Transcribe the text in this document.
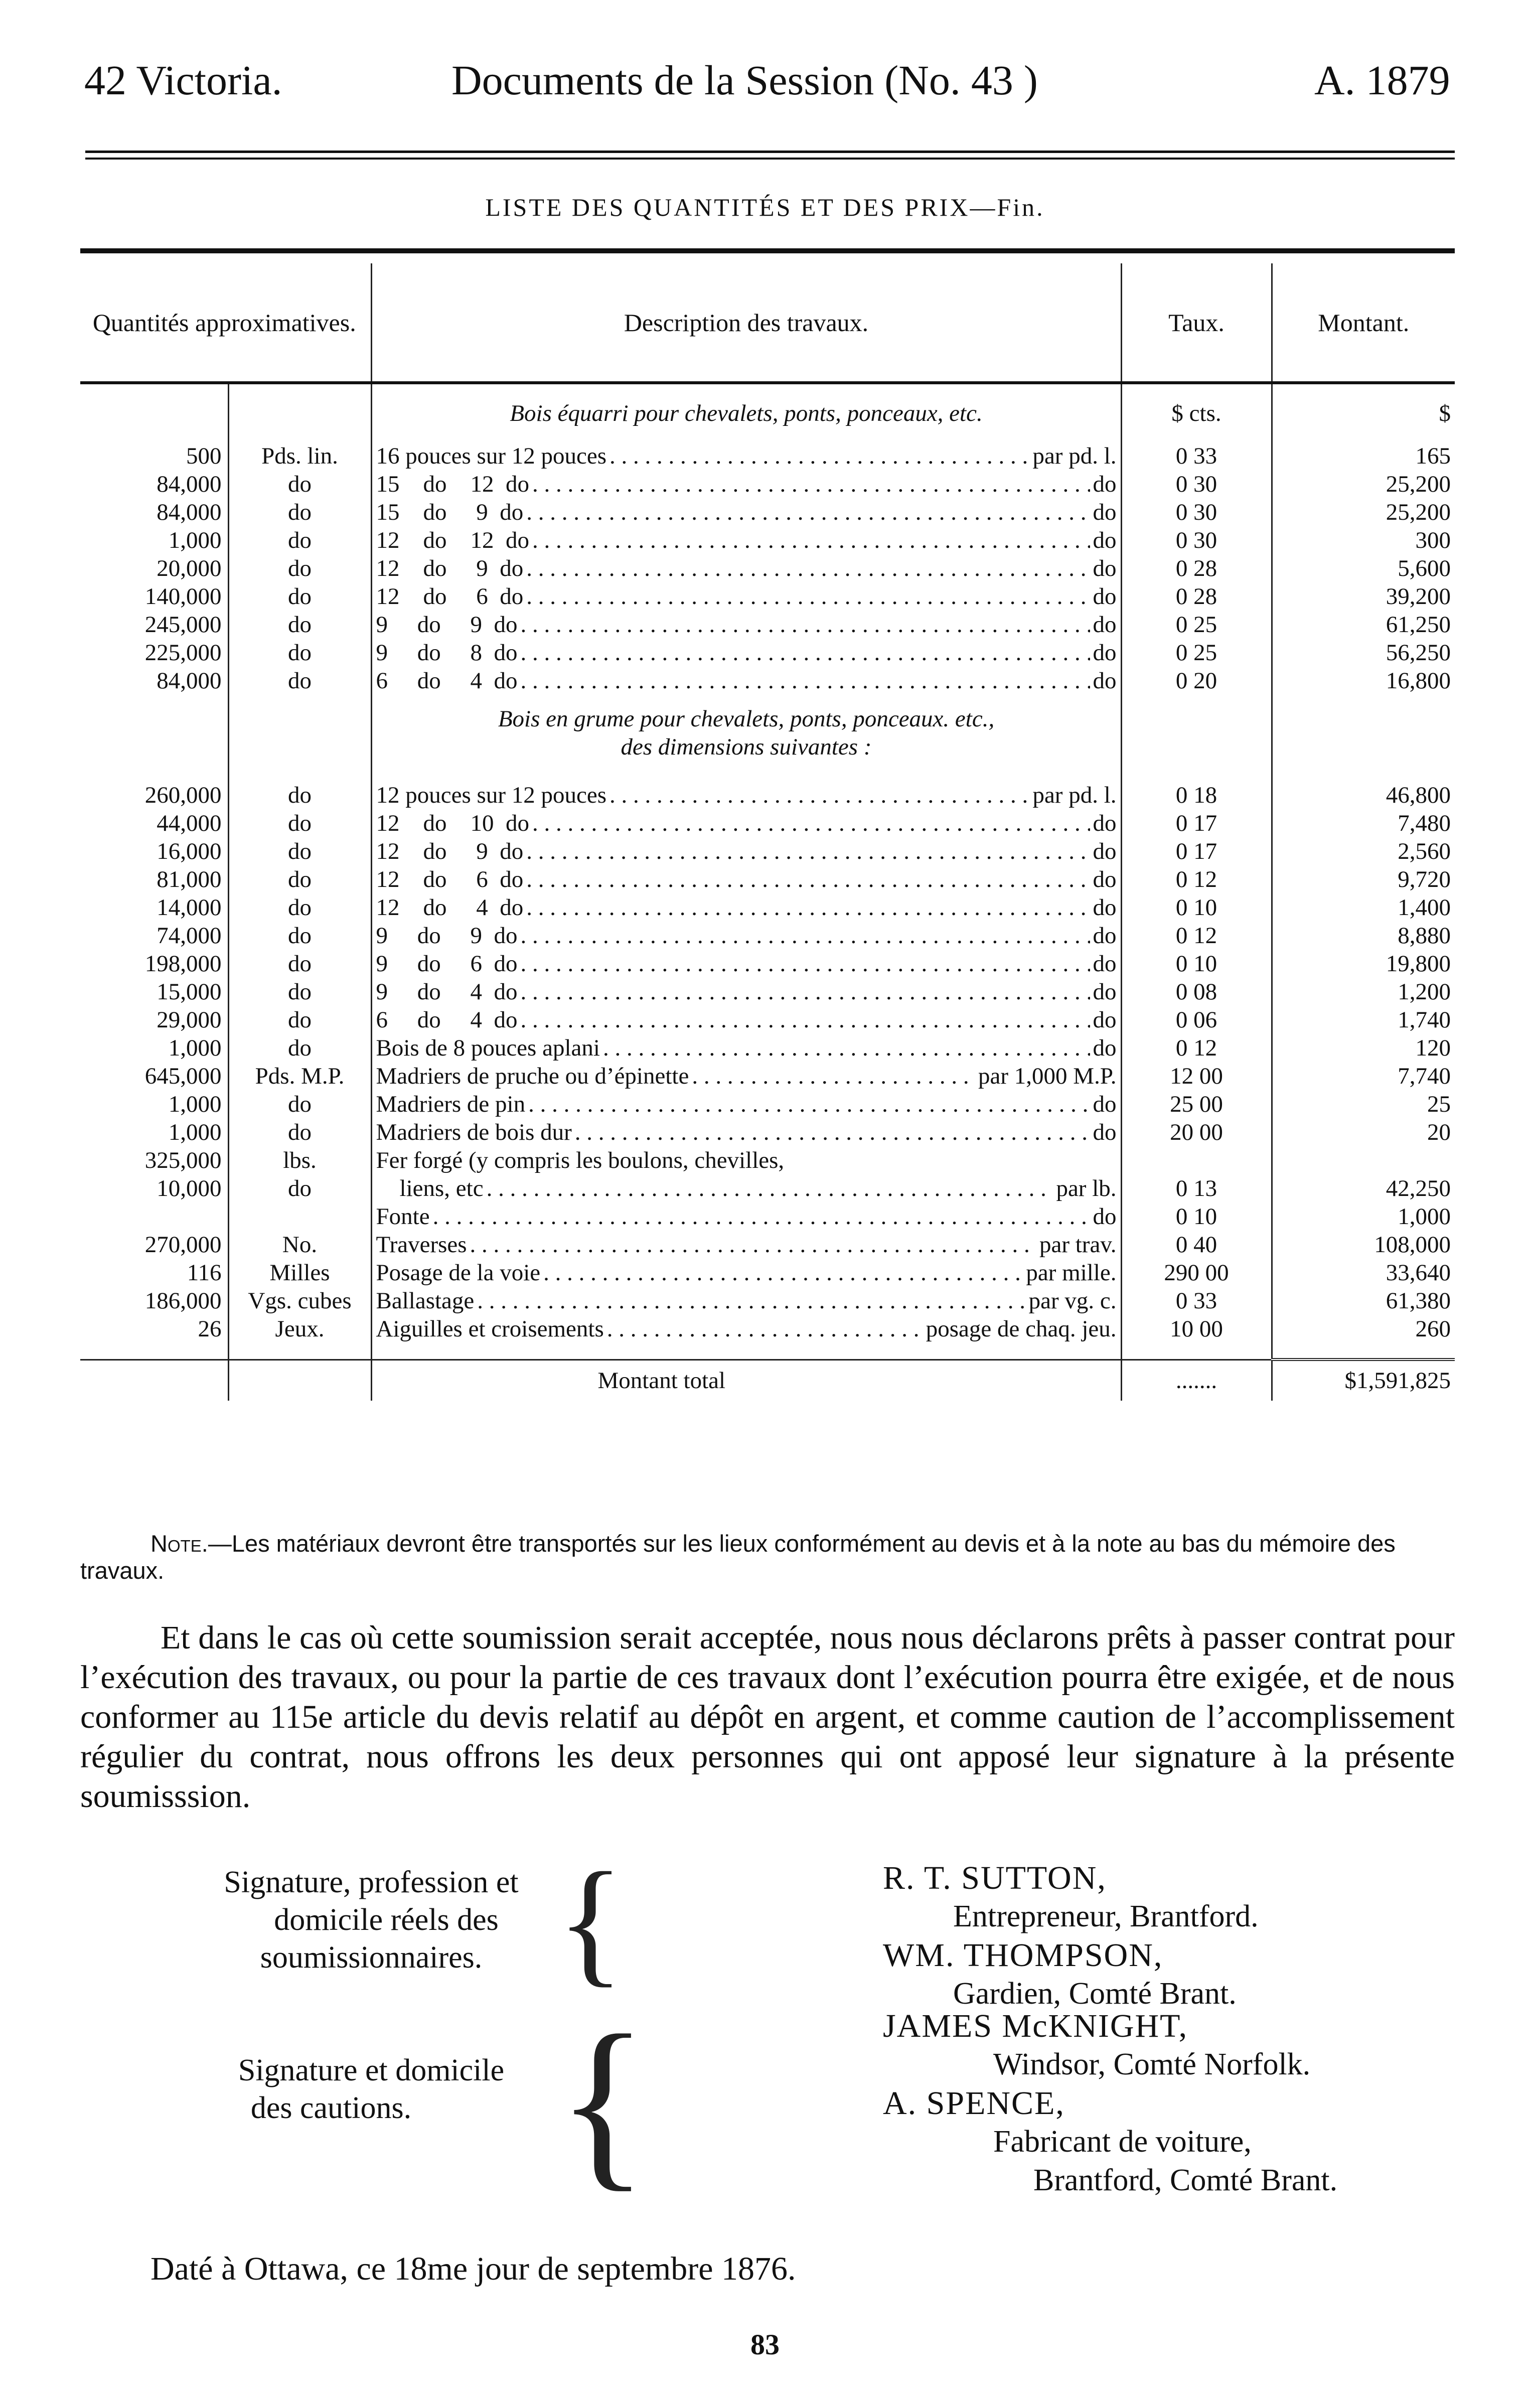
42 Victoria.	Documents de la Session (No. 43 )	A. 1879
LISTE DES QUANTITÉS ET DES PRIX—Fin.
Quantités approximatives.		Description des travaux.	Taux.	Montant.
		Bois équarri pour chevalets, ponts, ponceaux, etc.	$ cts.	$
500	Pds. lin.	16 pouces sur 12 pouces . . . par pd. l.	0 33	165
84,000	do	15    do    12  do . . . do	0 30	25,200
84,000	do	15    do     9  do . . . do	0 30	25,200
1,000	do	12    do    12  do . . . do	0 30	300
20,000	do	12    do     9  do . . . do	0 28	5,600
140,000	do	12    do     6  do . . . do	0 28	39,200
245,000	do	9     do     9  do . . . do	0 25	61,250
225,000	do	9     do     8  do . . . do	0 25	56,250
84,000	do	6     do     4  do . . . do	0 20	16,800

		Bois en grume pour chevalets, ponts, ponceaux. etc.,		
		des dimensions suivantes :		

260,000	do	12 pouces sur 12 pouces . . . par pd. l.	0 18	46,800
44,000	do	12    do    10  do . . . do	0 17	7,480
16,000	do	12    do     9  do . . . do	0 17	2,560
81,000	do	12    do     6  do . . . do	0 12	9,720
14,000	do	12    do     4  do . . . do	0 10	1,400
74,000	do	9     do     9  do . . . do	0 12	8,880
198,000	do	9     do     6  do . . . do	0 10	19,800
15,000	do	9     do     4  do . . . do	0 08	1,200
29,000	do	6     do     4  do . . . do	0 06	1,740
1,000	do	Bois de 8 pouces aplani . . . do	0 12	120
645,000	Pds. M.P.	Madriers de pruche ou d’épinette . . . par 1,000 M.P.	12 00	7,740
1,000	do	Madriers de pin . . . do	25 00	25
1,000	do	Madriers de bois dur . . . do	20 00	20
325,000	lbs.	Fer forgé (y compris les boulons, chevilles,		

10,000	do	liens, etc . . . par lb.	0 13	42,250

		Fonte . . . do	0 10	1,000
270,000	No.	Traverses . . . par trav.	0 40	108,000
116	Milles	Posage de la voie . . . par mille.	290 00	33,640
186,000	Vgs. cubes	Ballastage . . . par vg. c.	0 33	61,380
26	Jeux.	Aiguilles et croisements . . . posage de chaq. jeu.	10 00	260

		Montant total	.......	$1,591,825
Note.—Les matériaux devront être transportés sur les lieux conformément au devis et à la note au bas du mémoire des travaux.
Et dans le cas où cette soumission serait acceptée, nous nous déclarons prêts à passer contrat pour l’exécution des travaux, ou pour la partie de ces travaux dont l’exécution pourra être exigée, et de nous conformer au 115e article du devis relatif au dépôt en argent, et comme caution de l’accomplissement régulier du contrat, nous offrons les deux personnes qui ont apposé leur signature à la présente soumisssion.
Signature, profession et
domicile réels des
soumissionnaires. {	R. T. SUTTON,
Entrepreneur, Brantford.
WM. THOMPSON,
Gardien, Comté Brant.
Signature et domicile
des cautions. {	JAMES McKNIGHT,
Windsor, Comté Norfolk.
A. SPENCE,
Fabricant de voiture,
Brantford, Comté Brant.
Daté à Ottawa, ce 18me jour de septembre 1876.
83
